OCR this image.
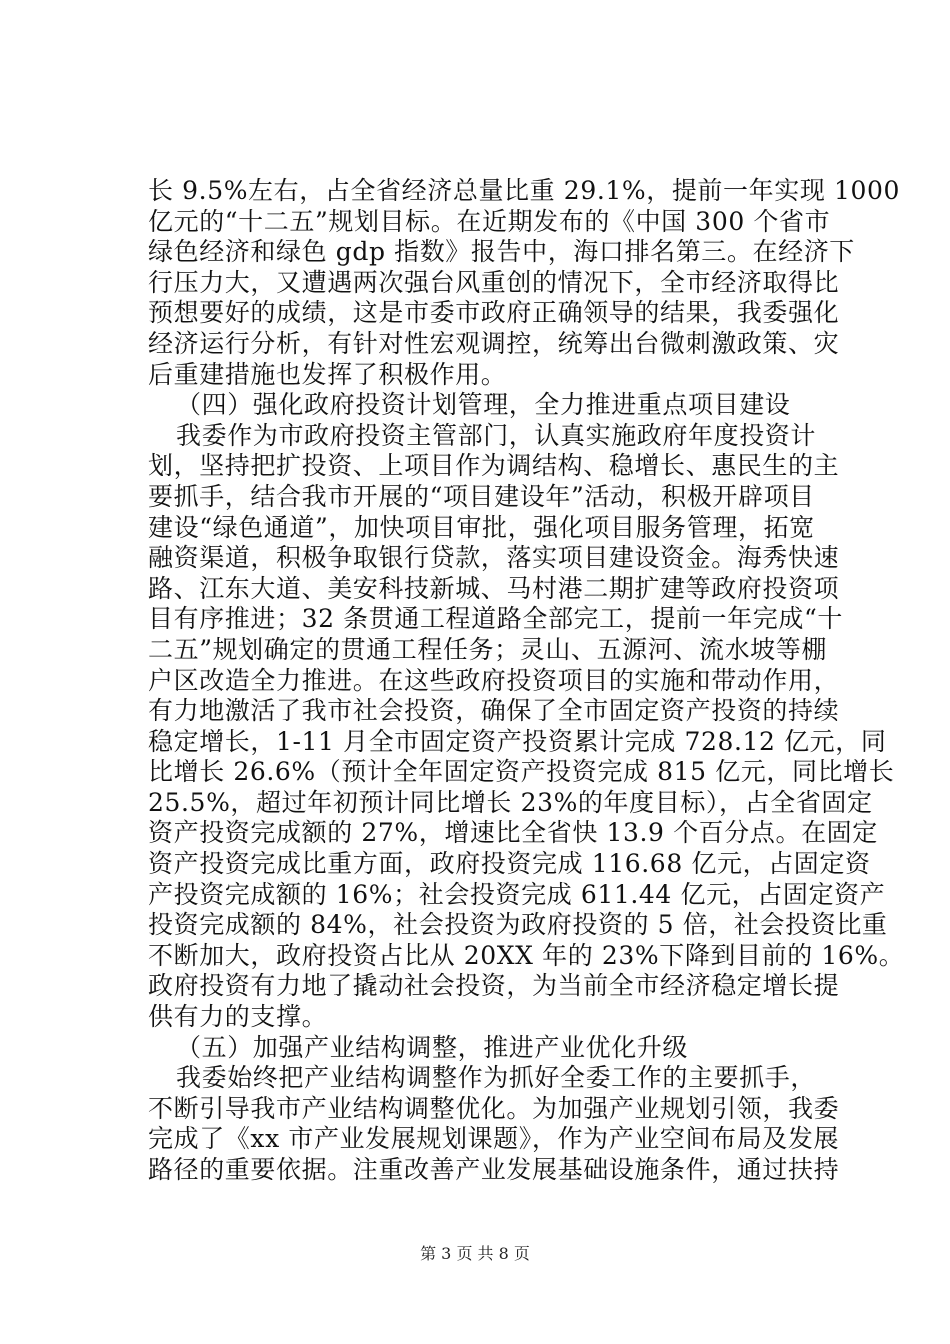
长 9.5%左右，占全省经济总量比重 29.1%，提前一年实现 1000
亿元的“十二五”规划目标。在近期发布的《中国 300 个省市
绿色经济和绿色 gdp 指数》报告中，海口排名第三。在经济下
行压力大，又遭遇两次强台风重创的情况下，全市经济取得比
预想要好的成绩，这是市委市政府正确领导的结果，我委强化
经济运行分析，有针对性宏观调控，统筹出台微刺激政策、灾
后重建措施也发挥了积极作用。
（四）强化政府投资计划管理，全力推进重点项目建设
我委作为市政府投资主管部门，认真实施政府年度投资计
划，坚持把扩投资、上项目作为调结构、稳增长、惠民生的主
要抓手，结合我市开展的“项目建设年”活动，积极开辟项目
建设“绿色通道”，加快项目审批，强化项目服务管理，拓宽
融资渠道，积极争取银行贷款，落实项目建设资金。海秀快速
路、江东大道、美安科技新城、马村港二期扩建等政府投资项
目有序推进；32 条贯通工程道路全部完工，提前一年完成“十
二五”规划确定的贯通工程任务；灵山、五源河、流水坡等棚
户区改造全力推进。在这些政府投资项目的实施和带动作用，
有力地激活了我市社会投资，确保了全市固定资产投资的持续
稳定增长，1-11 月全市固定资产投资累计完成 728.12 亿元，同
比增长 26.6%（预计全年固定资产投资完成 815 亿元，同比增长
25.5%，超过年初预计同比增长 23%的年度目标），占全省固定
资产投资完成额的 27%，增速比全省快 13.9 个百分点。在固定
资产投资完成比重方面，政府投资完成 116.68 亿元，占固定资
产投资完成额的 16%；社会投资完成 611.44 亿元，占固定资产
投资完成额的 84%，社会投资为政府投资的 5 倍，社会投资比重
不断加大，政府投资占比从 20XX 年的 23%下降到目前的 16%。
政府投资有力地了撬动社会投资，为当前全市经济稳定增长提
供有力的支撑。
（五）加强产业结构调整，推进产业优化升级
我委始终把产业结构调整作为抓好全委工作的主要抓手，
不断引导我市产业结构调整优化。为加强产业规划引领，我委
完成了《xx 市产业发展规划课题》，作为产业空间布局及发展
路径的重要依据。注重改善产业发展基础设施条件，通过扶持
第 3 页 共 8 页
